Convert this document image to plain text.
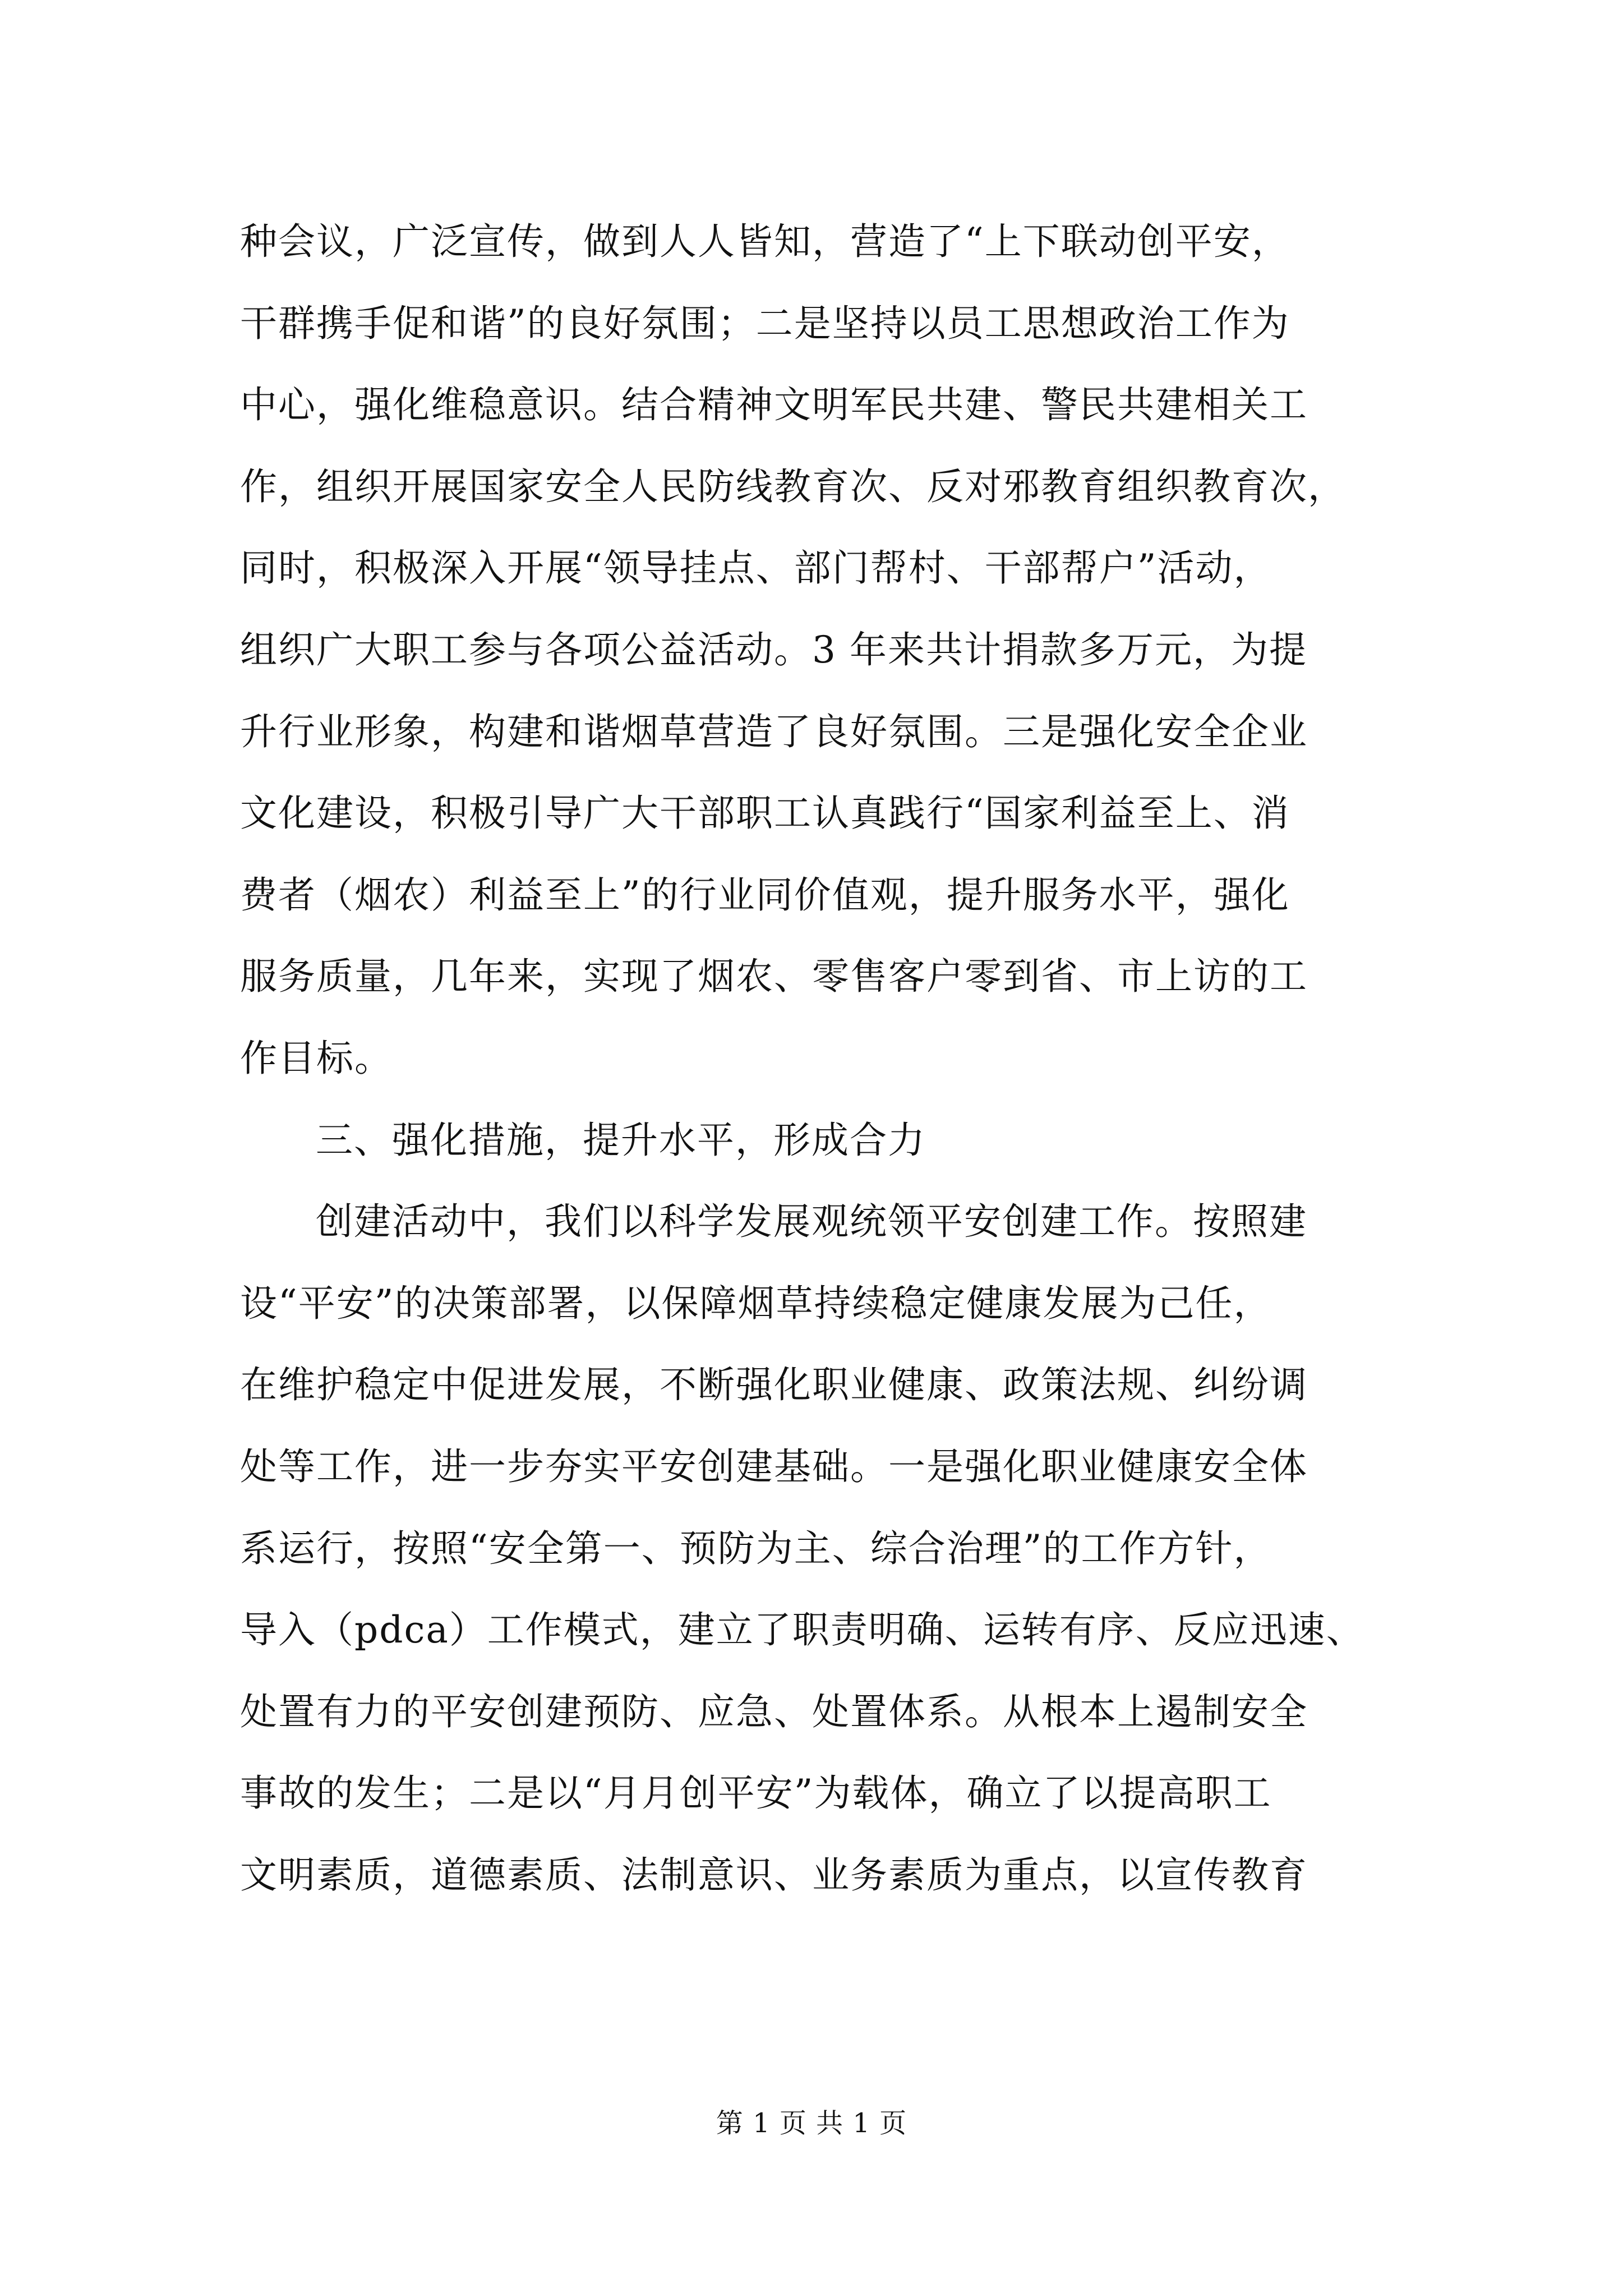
种会议，广泛宣传，做到人人皆知，营造了“上下联动创平安，
干群携手促和谐”的良好氛围；二是坚持以员工思想政治工作为
中心，强化维稳意识。结合精神文明军民共建、警民共建相关工
作，组织开展国家安全人民防线教育次、反对邪教育组织教育次，
同时，积极深入开展“领导挂点、部门帮村、干部帮户”活动，
组织广大职工参与各项公益活动。3 年来共计捐款多万元，为提
升行业形象，构建和谐烟草营造了良好氛围。三是强化安全企业
文化建设，积极引导广大干部职工认真践行“国家利益至上、消
费者（烟农）利益至上”的行业同价值观，提升服务水平，强化
服务质量，几年来，实现了烟农、零售客户零到省、市上访的工
作目标。
三、强化措施，提升水平，形成合力
创建活动中，我们以科学发展观统领平安创建工作。按照建
设“平安”的决策部署，以保障烟草持续稳定健康发展为己任，
在维护稳定中促进发展，不断强化职业健康、政策法规、纠纷调
处等工作，进一步夯实平安创建基础。一是强化职业健康安全体
系运行，按照“安全第一、预防为主、综合治理”的工作方针，
导入（pdca）工作模式，建立了职责明确、运转有序、反应迅速、
处置有力的平安创建预防、应急、处置体系。从根本上遏制安全
事故的发生；二是以“月月创平安”为载体，确立了以提高职工
文明素质，道德素质、法制意识、业务素质为重点，以宣传教育
第 1 页 共 1 页
